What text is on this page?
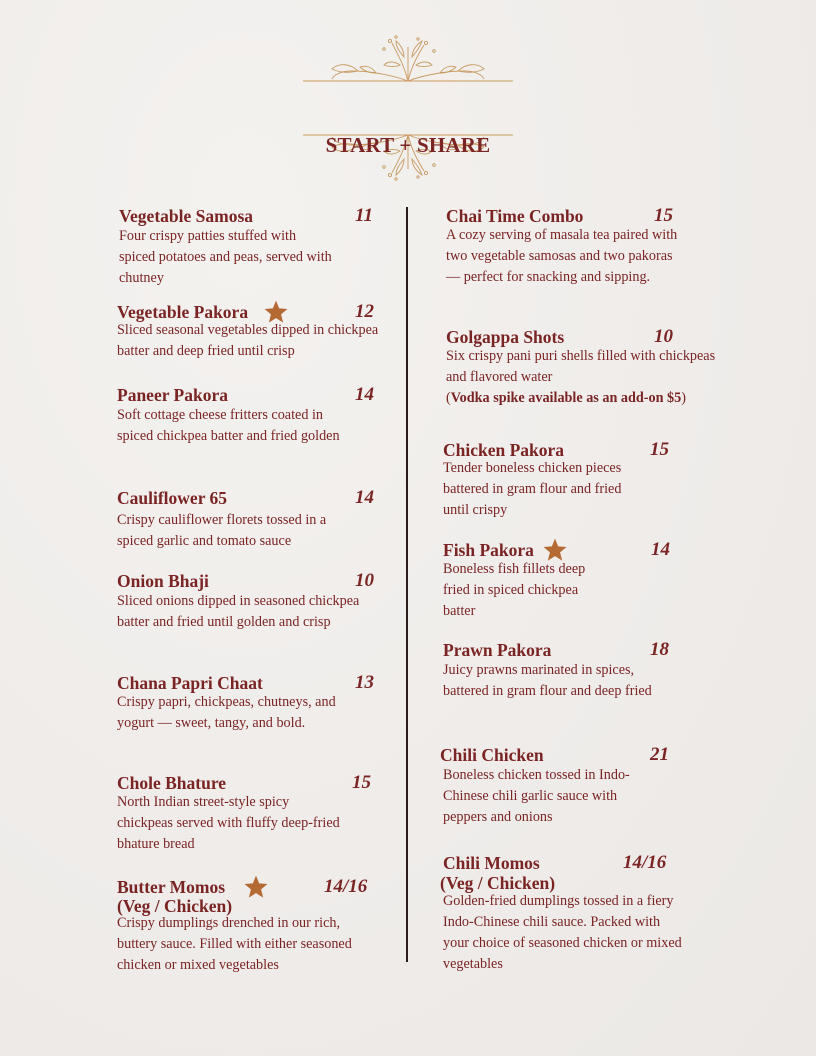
START + SHARE
Vegetable Samosa	11
Four crispy patties stuffed with spiced potatoes and peas, served with chutney
Vegetable Pakora	12
Sliced seasonal vegetables dipped in chickpea batter and deep fried until crisp
Paneer Pakora	14
Soft cottage cheese fritters coated in spiced chickpea batter and fried golden
Cauliflower 65	14
Crispy cauliflower florets tossed in a spiced garlic and tomato sauce
Onion Bhaji	10
Sliced onions dipped in seasoned chickpea batter and fried until golden and crisp
Chana Papri Chaat	13
Crispy papri, chickpeas, chutneys, and yogurt — sweet, tangy, and bold.
Chole Bhature	15
North Indian street-style spicy chickpeas served with fluffy deep-fried bhature bread
Butter Momos	14/16
(Veg / Chicken)
Crispy dumplings drenched in our rich, buttery sauce. Filled with either seasoned chicken or mixed vegetables
Chai Time Combo	15
A cozy serving of masala tea paired with two vegetable samosas and two pakoras — perfect for snacking and sipping.
Golgappa Shots	10
Six crispy pani puri shells filled with chickpeas and flavored water
(Vodka spike available as an add-on $5)
Chicken Pakora	15
Tender boneless chicken pieces battered in gram flour and fried until crispy
Fish Pakora	14
Boneless fish fillets deep fried in spiced chickpea batter
Prawn Pakora	18
Juicy prawns marinated in spices, battered in gram flour and deep fried
Chili Chicken	21
Boneless chicken tossed in Indo-Chinese chili garlic sauce with peppers and onions
Chili Momos	14/16
(Veg / Chicken)
Golden-fried dumplings tossed in a fiery Indo-Chinese chili sauce. Packed with your choice of seasoned chicken or mixed vegetables
